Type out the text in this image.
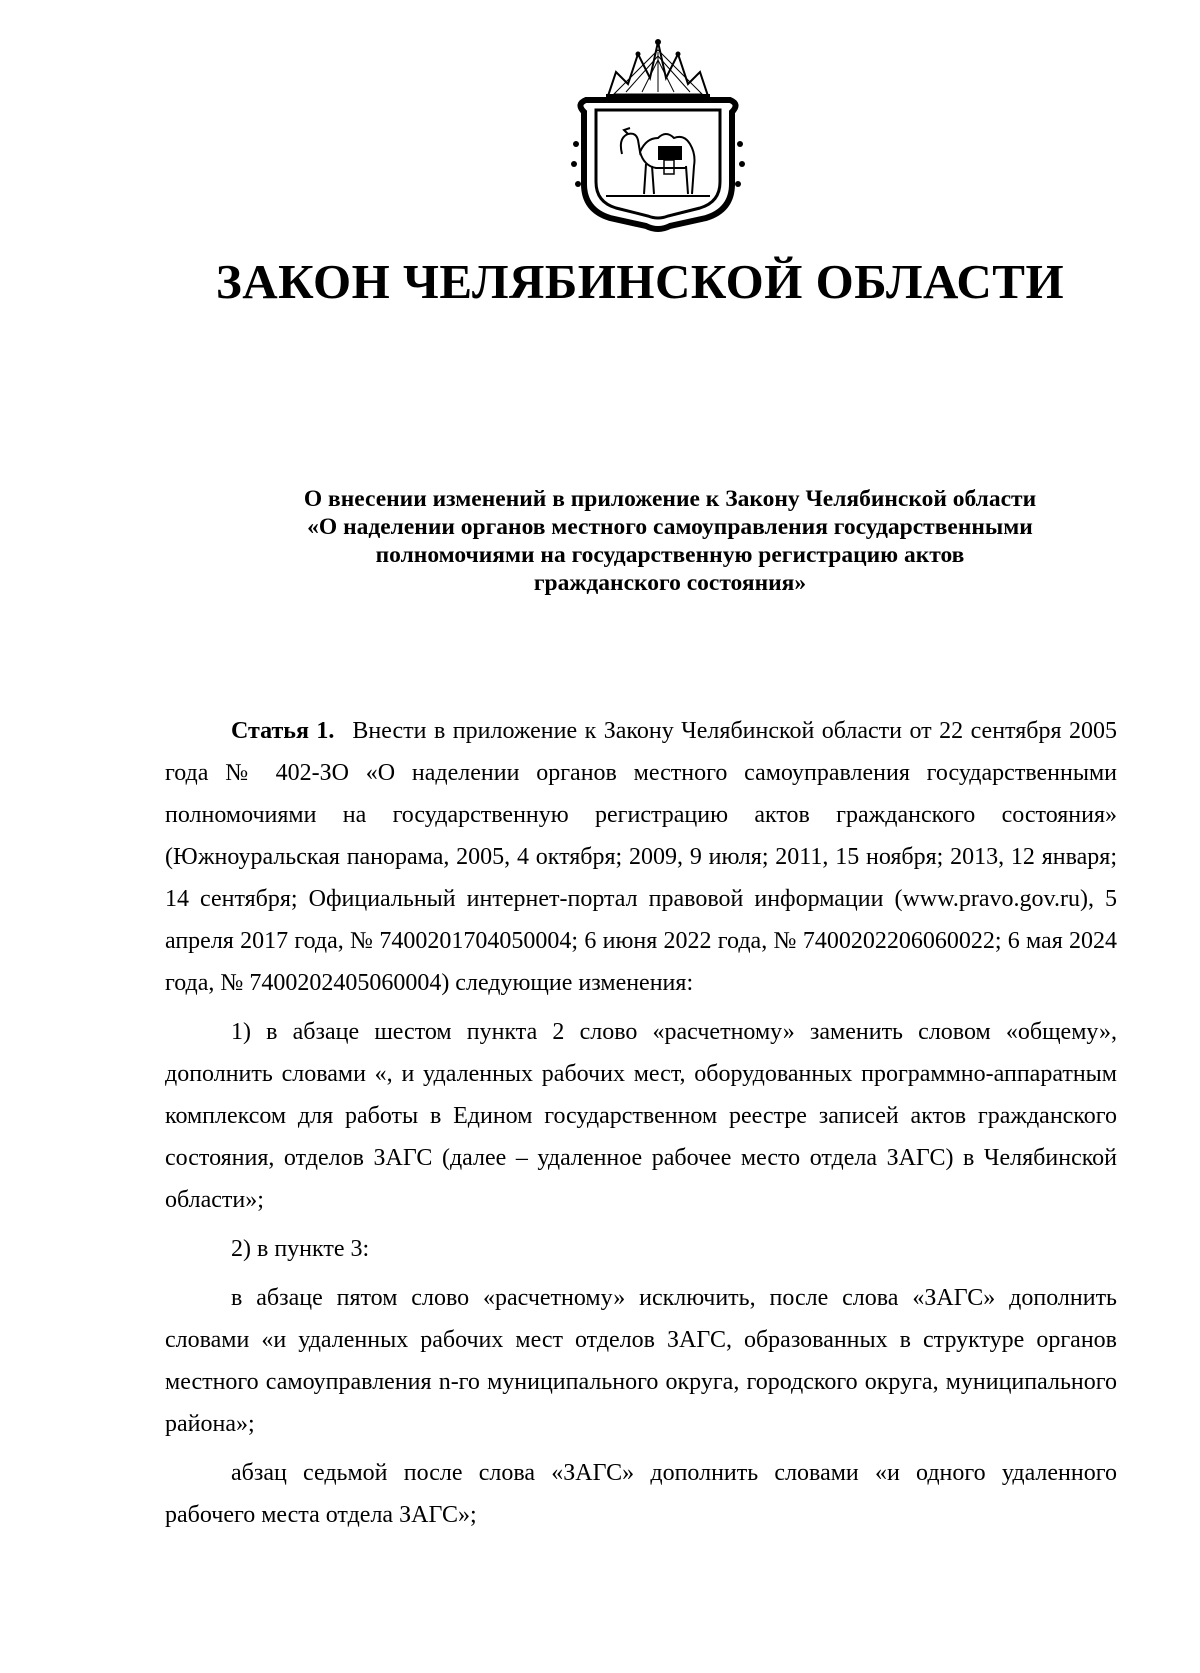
ЗАКОН ЧЕЛЯБИНСКОЙ ОБЛАСТИ
О внесении изменений в приложение к Закону Челябинской области
«О наделении органов местного самоуправления государственными
полномочиями на государственную регистрацию актов
гражданского состояния»

Статья 1. Внести в приложение к Закону Челябинской области от 22 сентября 2005 года № 402-ЗО «О наделении органов местного самоуправления государственными полномочиями на государственную регистрацию актов гражданского состояния» (Южноуральская панорама, 2005, 4 октября; 2009, 9 июля; 2011, 15 ноября; 2013, 12 января; 14 сентября; Официальный интернет-портал правовой информации (www.pravo.gov.ru), 5 апреля 2017 года, № 7400201704050004; 6 июня 2022 года, № 7400202206060022; 6 мая 2024 года, № 7400202405060004) следующие изменения:

1) в абзаце шестом пункта 2 слово «расчетному» заменить словом «общему», дополнить словами «, и удаленных рабочих мест, оборудованных программно-аппаратным комплексом для работы в Едином государственном реестре записей актов гражданского состояния, отделов ЗАГС (далее – удаленное рабочее место отдела ЗАГС) в Челябинской области»;

2) в пункте 3:

в абзаце пятом слово «расчетному» исключить, после слова «ЗАГС» дополнить словами «и удаленных рабочих мест отделов ЗАГС, образованных в структуре органов местного самоуправления n-го муниципального округа, городского округа, муниципального района»;

абзац седьмой после слова «ЗАГС» дополнить словами «и одного удаленного рабочего места отдела ЗАГС»;
